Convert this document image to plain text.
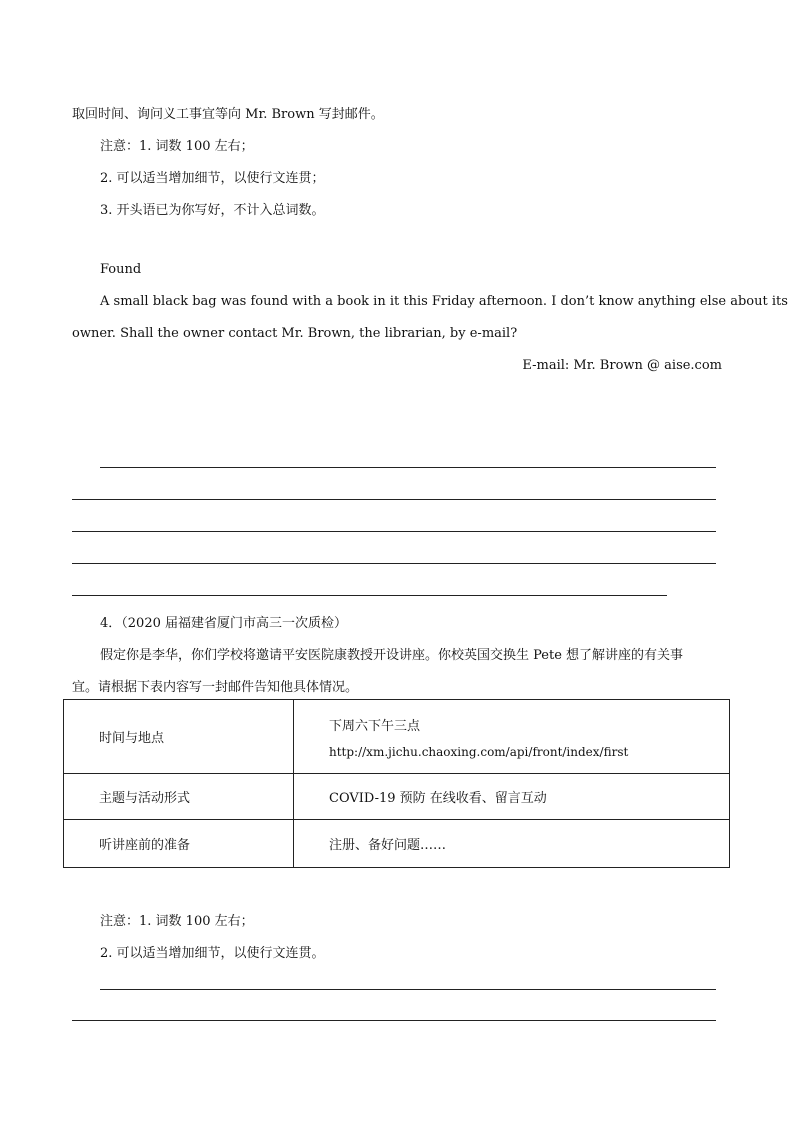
取回时间、询问义工事宜等向 Mr. Brown 写封邮件。
注意：1. 词数 100 左右；
2. 可以适当增加细节，以使行文连贯；
3. 开头语已为你写好，不计入总词数。
Found
A small black bag was found with a book in it this Friday afternoon. I don’t know anything else about its
owner. Shall the owner contact Mr. Brown, the librarian, by e-mail?
E-mail: Mr. Brown @ aise.com
4．（2020 届福建省厦门市高三一次质检）
假定你是李华，你们学校将邀请平安医院康教授开设讲座。你校英国交换生 Pete 想了解讲座的有关事
宜。请根据下表内容写一封邮件告知他具体情况。
时间与地点	下周六下午三点
http://xm.jichu.chaoxing.com/api/front/index/first

主题与活动形式	COVID-19 预防 在线收看、留言互动
听讲座前的准备	注册、备好问题……
注意：1. 词数 100 左右；
2. 可以适当增加细节，以使行文连贯。
